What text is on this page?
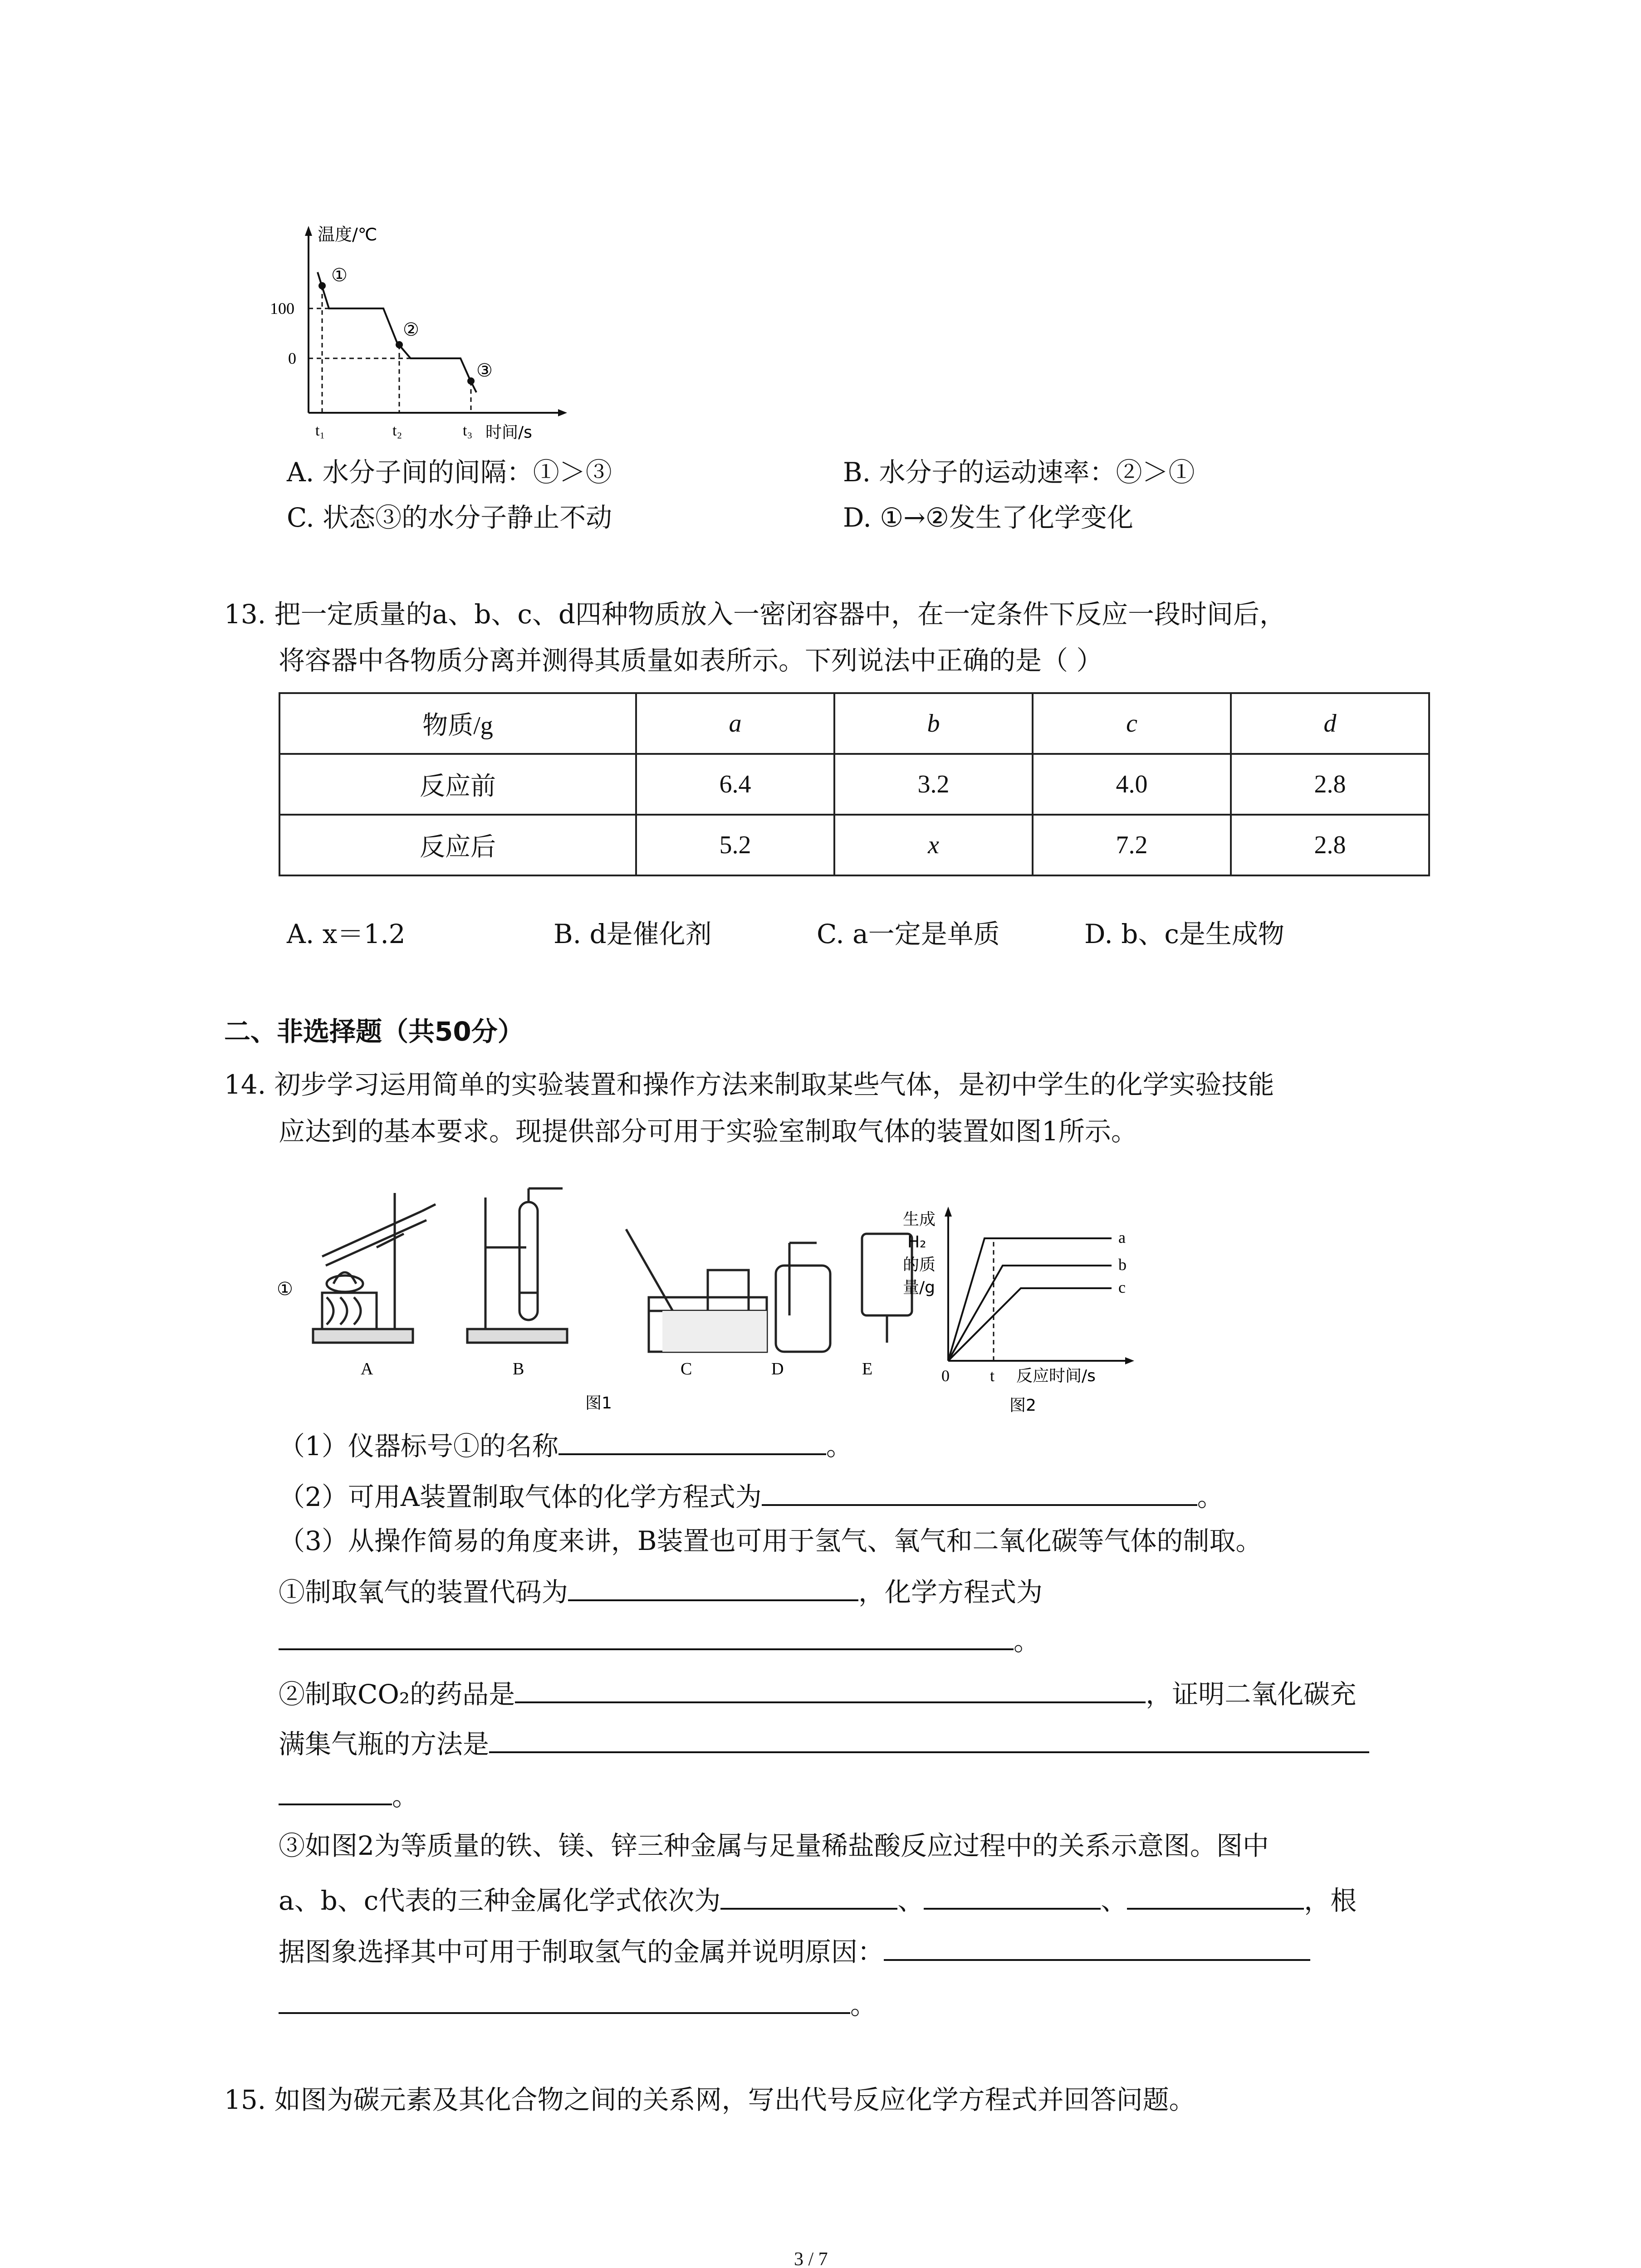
①
②
③
温度/℃
100
0
t₁	t₂	t₃ 时间/s
A. 水分子间的间隔：①＞③	B. 水分子的运动速率：②＞①
C. 状态③的水分子静止不动	D. ①→②发生了化学变化
13. 把一定质量的a、b、c、d四种物质放入一密闭容器中，在一定条件下反应一段时间后，
将容器中各物质分离并测得其质量如表所示。下列说法中正确的是（ ）
物质/g	a	b	c	d
反应前	6.4	3.2	4.0	2.8
反应后	5.2	x	7.2	2.8
A. x＝1.2	B. d是催化剂	C. a一定是单质	D. b、c是生成物
二、非选择题（共50分）
14. 初步学习运用简单的实验装置和操作方法来制取某些气体，是初中学生的化学实验技能
应达到的基本要求。现提供部分可用于实验室制取气体的装置如图1所示。
①
A	B	C	D	E
图1
生成
H₂
的质
量/g
a
b
c
0 t 反应时间/s
图2
（1）仪器标号①的名称	。
（2）可用A装置制取气体的化学方程式为	。
（3）从操作简易的角度来讲，B装置也可用于氢气、氧气和二氧化碳等气体的制取。
①制取氧气的装置代码为	，化学方程式为
。
②制取CO₂的药品是	，证明二氧化碳充
满集气瓶的方法是
。
③如图2为等质量的铁、镁、锌三种金属与足量稀盐酸反应过程中的关系示意图。图中
a、b、c代表的三种金属化学式依次为	、	、	，根
据图象选择其中可用于制取氢气的金属并说明原因：
。
15. 如图为碳元素及其化合物之间的关系网，写出代号反应化学方程式并回答问题。
3 / 7
